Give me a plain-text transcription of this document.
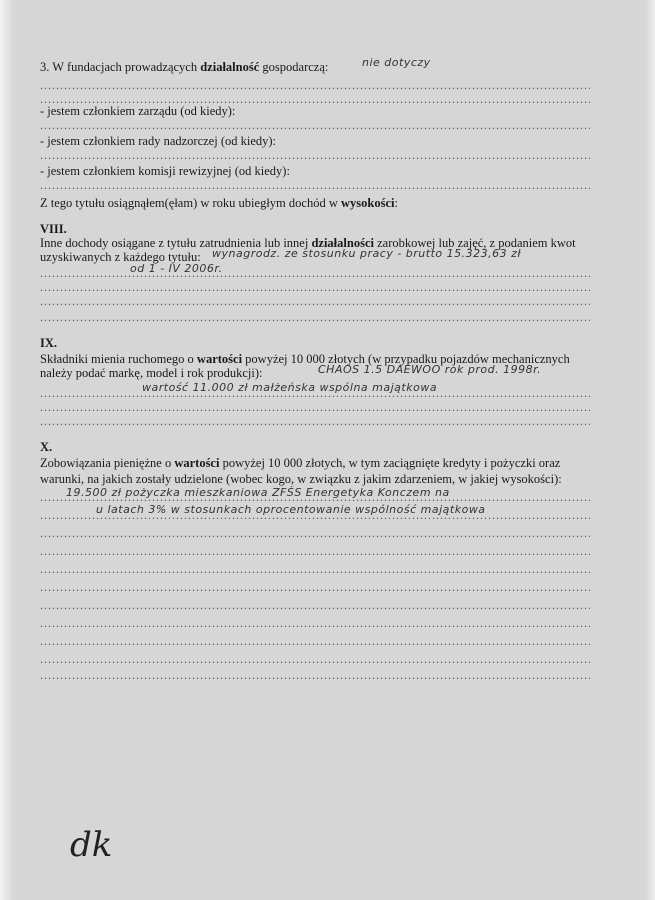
3. W fundacjach prowadzących działalność gospodarczą:	nie dotyczy
.....
.....
- jestem członkiem zarządu (od kiedy):
.....
- jestem członkiem rady nadzorczej (od kiedy):
.....
- jestem członkiem komisji rewizyjnej (od kiedy):
.....
Z tego tytułu osiągnąłem(ęłam) w roku ubiegłym dochód w wysokości:
VIII.
Inne dochody osiągane z tytułu zatrudnienia lub innej działalności zarobkowej lub zajęć, z podaniem kwot
uzyskiwanych z każdego tytułu:	wynagrodz. ze stosunku pracy - brutto 15.323,63 zł
.....
od 1 - IV 2006r.
.....
.....
.....
IX.
Składniki mienia ruchomego o wartości powyżej 10 000 złotych (w przypadku pojazdów mechanicznych
należy podać markę, model i rok produkcji):	CHAOS 1.5 DAEWOO rok prod. 1998r.
.....
wartość 11.000 zł małżeńska wspólna majątkowa
.....
.....
X.
Zobowiązania pieniężne o wartości powyżej 10 000 złotych, w tym zaciągnięte kredyty i pożyczki oraz
warunki, na jakich zostały udzielone (wobec kogo, w związku z jakim zdarzeniem, w jakiej wysokości):
.....
19.500 zł pożyczka mieszkaniowa ZFŚS Energetyka Konczem na
.....
u latach 3% w stosunkach oprocentowanie wspólność majątkowa
.....
.....
.....
.....
.....
.....
.....
.....
.....
dk
